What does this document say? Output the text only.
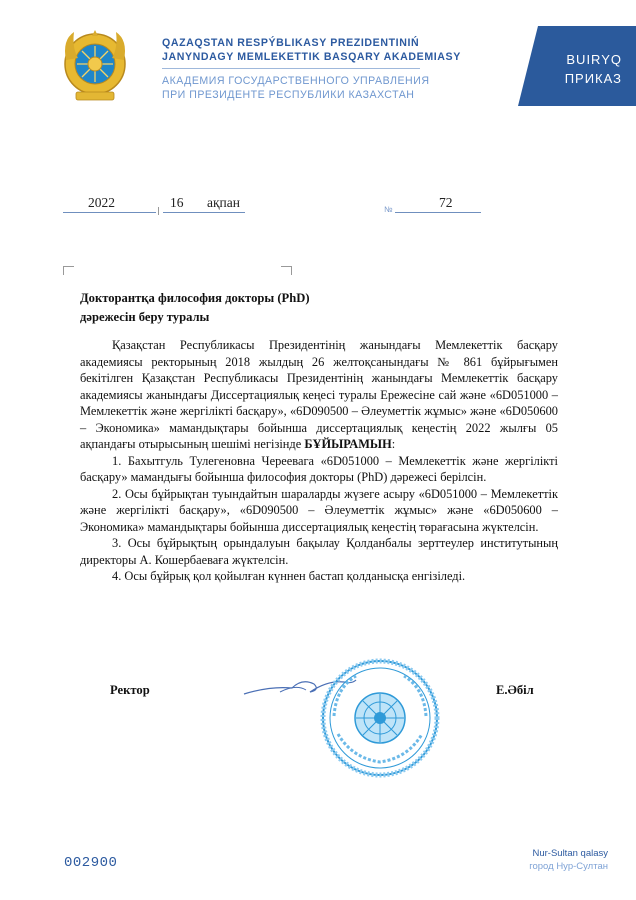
QAZAQSTAN RESPÝBLIKASY PREZIDENTINIŃ
JANYNDAGY MEMLEKETTIK BASQARY AKADEMIASY
АКАДЕМИЯ ГОСУДАРСТВЕННОГО УПРАВЛЕНИЯ
ПРИ ПРЕЗИДЕНТЕ РЕСПУБЛИКИ КАЗАХСТАН
BUIRYQ
ПРИКАЗ
2022	16 ақпан	№	72
Докторантқа философия докторы (PhD)
дәрежесін беру туралы

Қазақстан Республикасы Президентінің жанындағы Мемлекеттік басқару академиясы ректорының 2018 жылдың 26 желтоқсанындағы № 861 бұйрығымен бекітілген Қазақстан Республикасы Президентінің жанындағы Мемлекеттік басқару академиясы жанындағы Диссертациялық кеңесі туралы Ережесіне сай және «6D051000 – Мемлекеттік және жергілікті басқару», «6D090500 – Әлеуметтік жұмыс» және «6D050600 – Экономика» мамандықтары бойынша диссертациялық кеңестің 2022 жылғы 05 ақпандағы отырысының шешімі негізінде БҰЙЫРАМЫН:

1. Бахытгуль Тулегеновна Череевага «6D051000 – Мемлекеттік және жергілікті басқару» мамандығы бойынша философия докторы (PhD) дәрежесі берілсін.

2. Осы бұйрықтан туындайтын шараларды жүзеге асыру «6D051000 – Мемлекеттік және жергілікті басқару», «6D090500 – Әлеуметтік жұмыс» және «6D050600 – Экономика» мамандықтары бойынша диссертациялық кеңестің төрағасына жүктелсін.

3. Осы бұйрықтың орындалуын бақылау Қолданбалы зерттеулер институтының директоры А. Кошербаеваға жүктелсін.

4. Осы бұйрық қол қойылған күннен бастап қолданысқа енгізіледі.

Ректор	Е.Әбіл
002900
Nur-Sultan qalasy
город Нур-Султан
